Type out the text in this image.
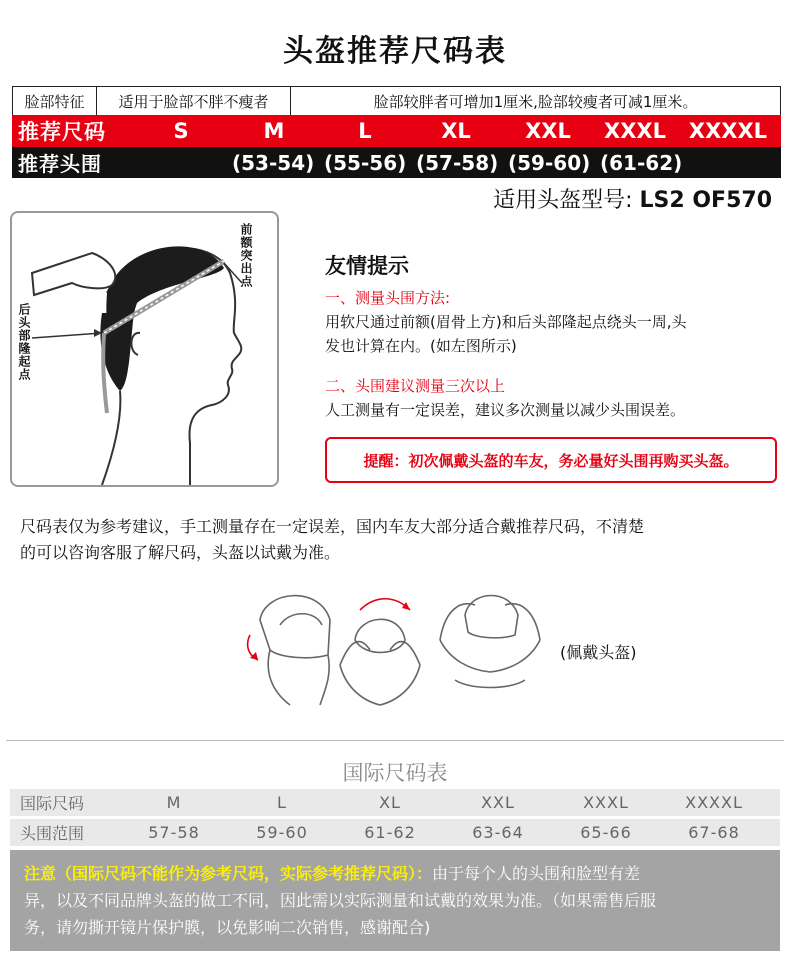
头盔推荐尺码表
脸部特征	适用于脸部不胖不瘦者	脸部较胖者可增加1厘米,脸部较瘦者可减1厘米。
推荐尺码	S	M	L	XL	XXL	XXXL	XXXXL
推荐头围	(53-54) (55-56) (57-58) (59-60) (61-62)
适用头盔型号: LS2 OF570
前额突出点
后头部隆起点
友情提示
一、测量头围方法:
用软尺通过前额(眉骨上方)和后头部隆起点绕头一周,头
发也计算在内。(如左图所示)
二、头围建议测量三次以上
人工测量有一定误差，建议多次测量以减少头围误差。
提醒：初次佩戴头盔的车友，务必量好头围再购买头盔。
尺码表仅为参考建议，手工测量存在一定误差，国内车友大部分适合戴推荐尺码，不清楚
的可以咨询客服了解尺码，头盔以试戴为准。
(佩戴头盔)
国际尺码表
国际尺码	M	L	XL	XXL	XXXL	XXXXL
头围范围	57-58	59-60	61-62	63-64	65-66	67-68
注意（国际尺码不能作为参考尺码，实际参考推荐尺码）：由于每个人的头围和脸型有差
异，以及不同品牌头盔的做工不同，因此需以实际测量和试戴的效果为准。（如果需售后服
务，请勿撕开镜片保护膜，以免影响二次销售，感谢配合)
